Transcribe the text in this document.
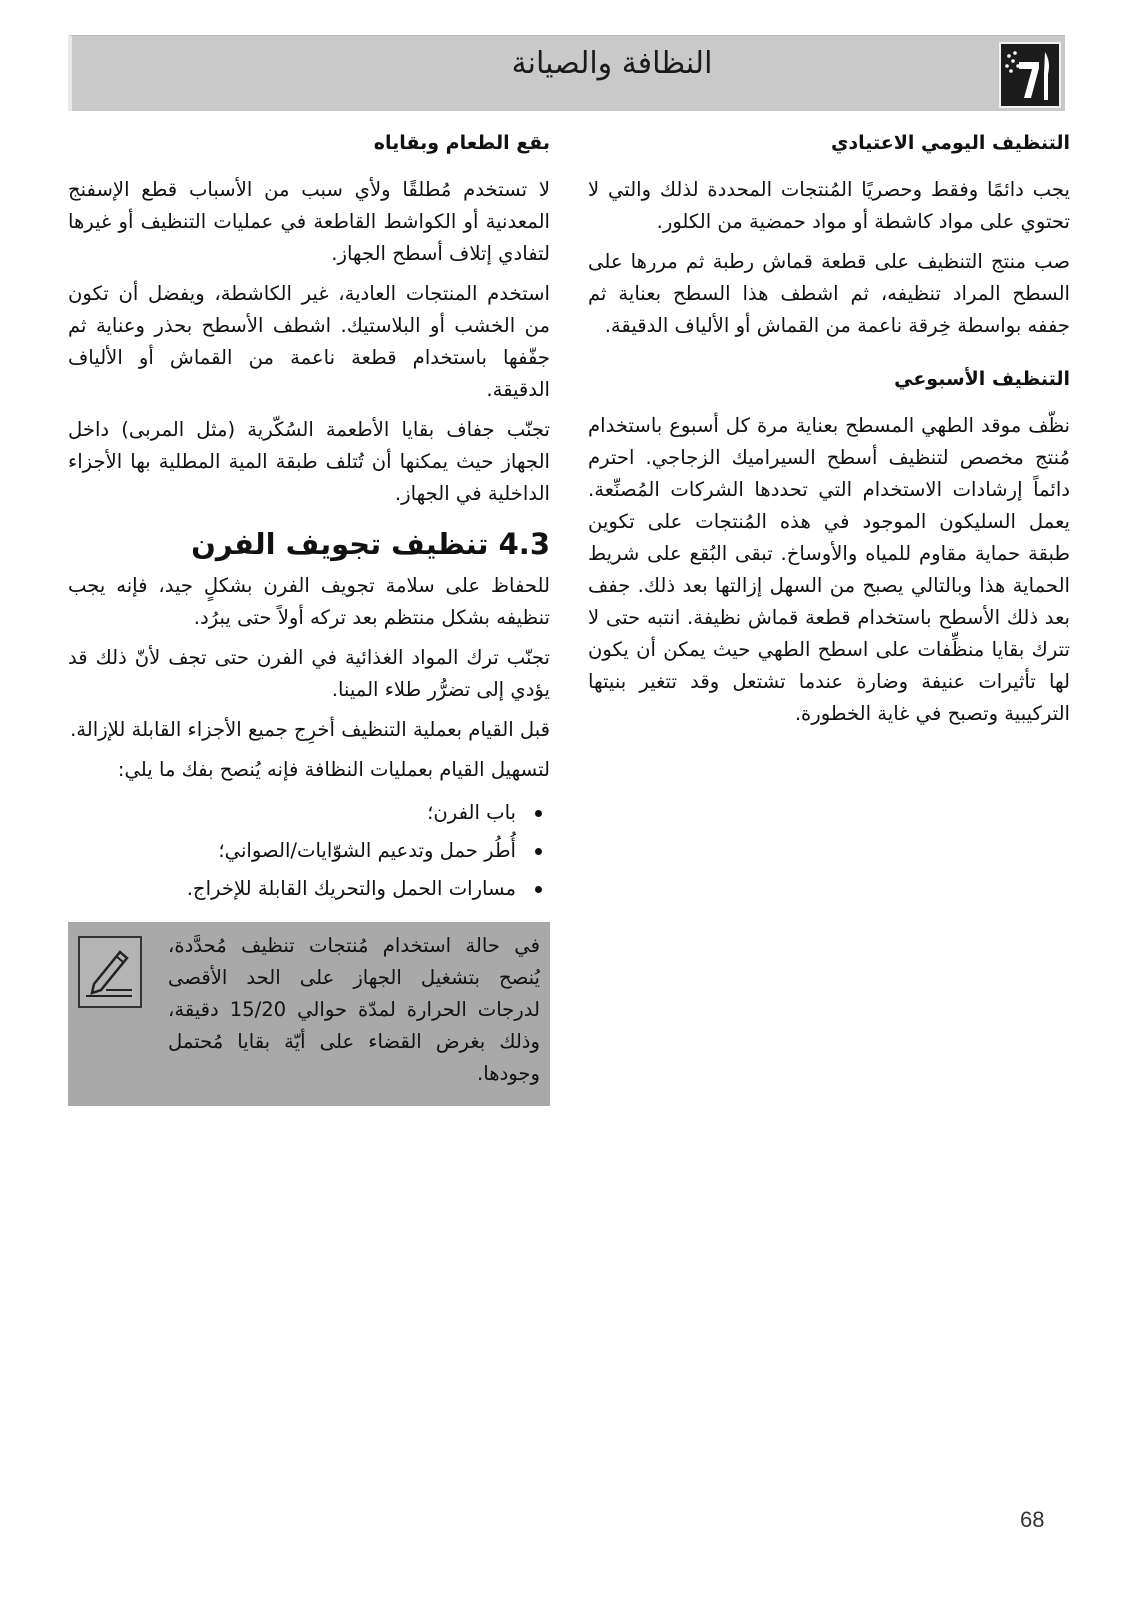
النظافة والصيانة
التنظيف اليومي الاعتيادي

يجب دائمًا وفقط وحصريًا المُنتجات المحددة لذلك والتي لا تحتوي على مواد كاشطة أو مواد حمضية من الكلور.

صب منتج التنظيف على قطعة قماش رطبة ثم مررها على السطح المراد تنظيفه، ثم اشطف هذا السطح بعناية ثم جففه بواسطة خِرقة ناعمة من القماش أو الألياف الدقيقة.

التنظيف الأسبوعي

نظّف موقد الطهي المسطح بعناية مرة كل أسبوع باستخدام مُنتج مخصص لتنظيف أسطح السيراميك الزجاجي. احترم دائماً إرشادات الاستخدام التي تحددها الشركات المُصنِّعة. يعمل السليكون الموجود في هذه المُنتجات على تكوين طبقة حماية مقاوم للمياه والأوساخ. تبقى البُقع على شريط الحماية هذا وبالتالي يصبح من السهل إزالتها بعد ذلك. جفف بعد ذلك الأسطح باستخدام قطعة قماش نظيفة. انتبه حتى لا تترك بقايا منظِّفات على اسطح الطهي حيث يمكن أن يكون لها تأثيرات عنيفة وضارة عندما تشتعل وقد تتغير بنيتها التركيبية وتصبح في غاية الخطورة.

بقع الطعام وبقاياه

لا تستخدم مُطلقًا ولأي سبب من الأسباب قطع الإسفنج المعدنية أو الكواشط القاطعة في عمليات التنظيف أو غيرها لتفادي إتلاف أسطح الجهاز.

استخدم المنتجات العادية، غير الكاشطة، ويفضل أن تكون من الخشب أو البلاستيك. اشطف الأسطح بحذر وعناية ثم جفّفها باستخدام قطعة ناعمة من القماش أو الألياف الدقيقة.

تجنّب جفاف بقايا الأطعمة السُكّرية (مثل المربى) داخل الجهاز حيث يمكنها أن تُتلف طبقة المية المطلية بها الأجزاء الداخلية في الجهاز.

4.3 تنظيف تجويف الفرن

للحفاظ على سلامة تجويف الفرن بشكلٍ جيد، فإنه يجب تنظيفه بشكل منتظم بعد تركه أولاً حتى يبرُد.

تجنّب ترك المواد الغذائية في الفرن حتى تجف لأنّ ذلك قد يؤدي إلى تضرُّر طلاء المينا.

قبل القيام بعملية التنظيف أخرِج جميع الأجزاء القابلة للإزالة.

لتسهيل القيام بعمليات النظافة فإنه يُنصح بفك ما يلي:

باب الفرن؛
أُطُر حمل وتدعيم الشوّايات/الصواني؛
مسارات الحمل والتحريك القابلة للإخراج.
في حالة استخدام مُنتجات تنظيف مُحدَّدة، يُنصح بتشغيل الجهاز على الحد الأقصى لدرجات الحرارة لمدّة حوالي 15/20 دقيقة، وذلك بغرض القضاء على أيّة بقايا مُحتمل وجودها.
68
